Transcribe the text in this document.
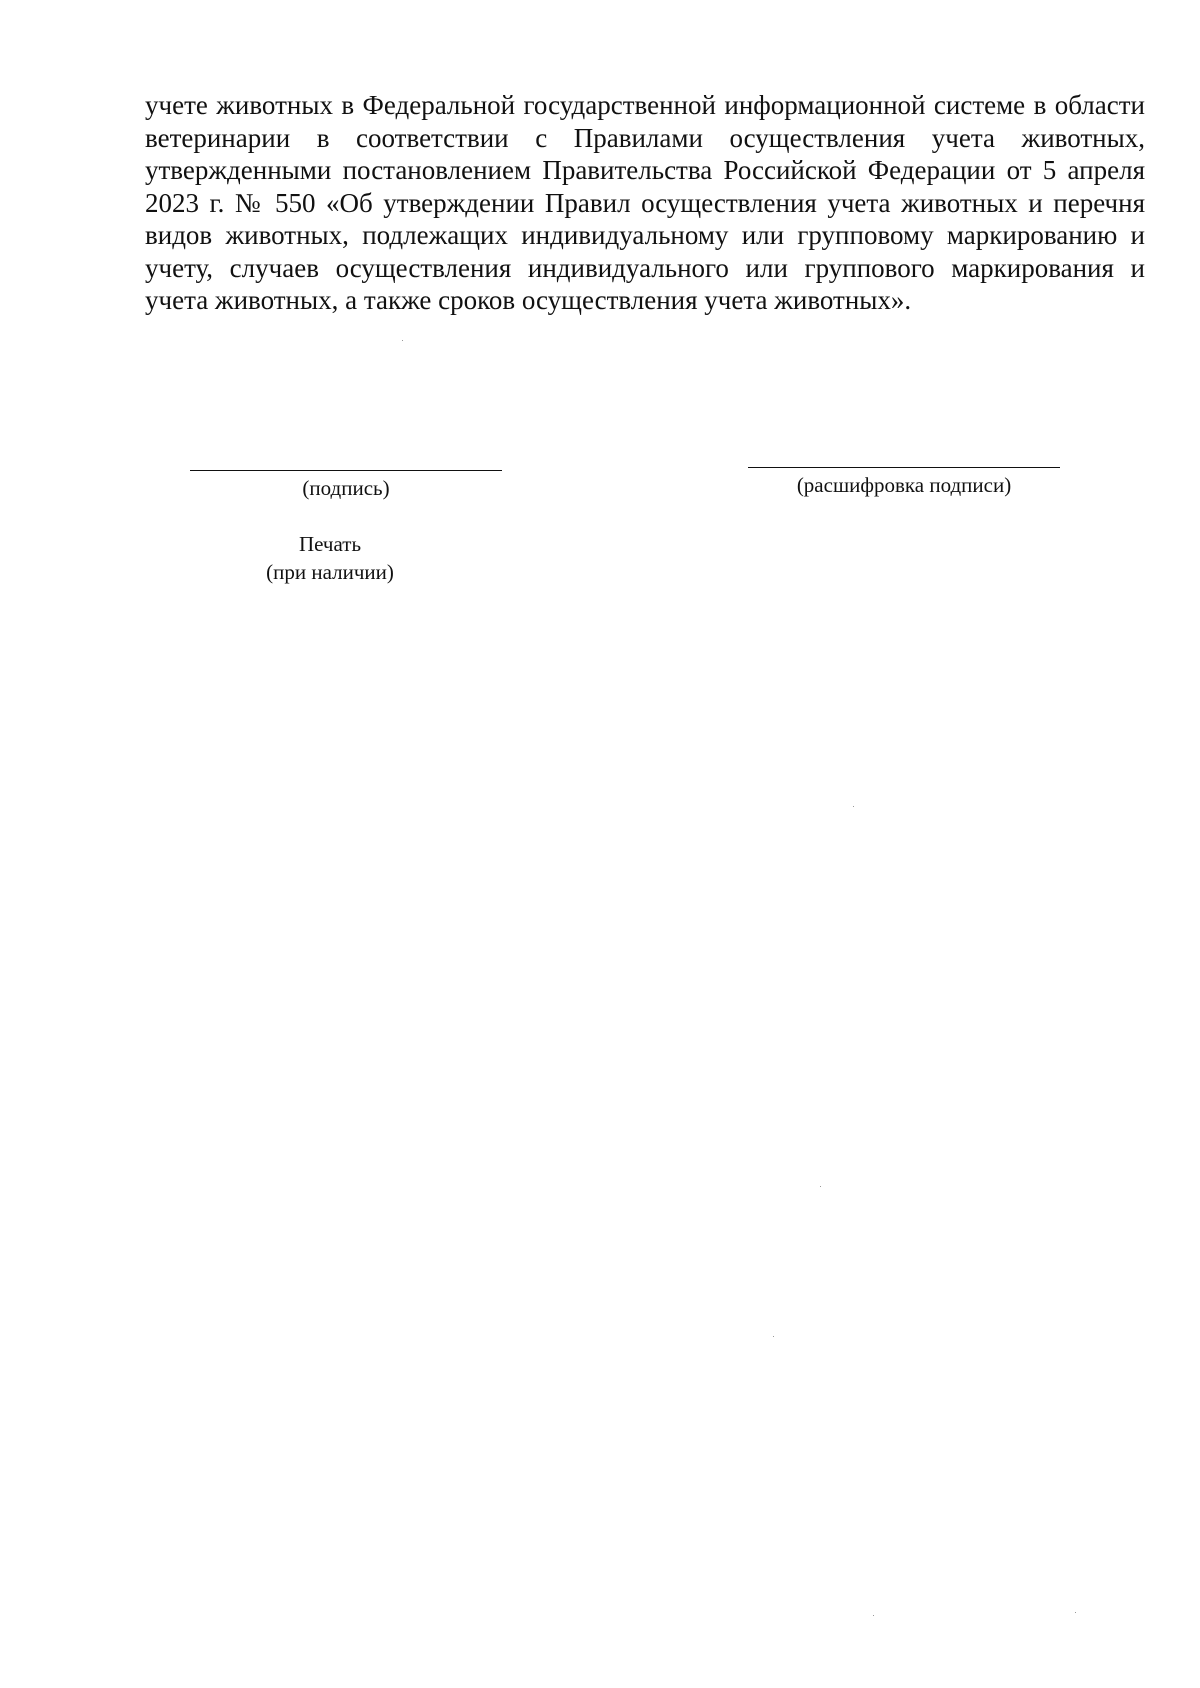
учете животных в Федеральной государственной информационной системе в области ветеринарии в соответствии с Правилами осуществления учета животных, утвержденными постановлением Правительства Российской Федерации от 5 апреля 2023 г. № 550 «Об утверждении Правил осуществления учета животных и перечня видов животных, подлежащих индивидуальному или групповому маркированию и учету, случаев осуществления индивидуального или группового маркирования и учета животных, а также сроков осуществления учета животных».

(подпись)	(расшифровка подписи)
Печать
(при наличии)
